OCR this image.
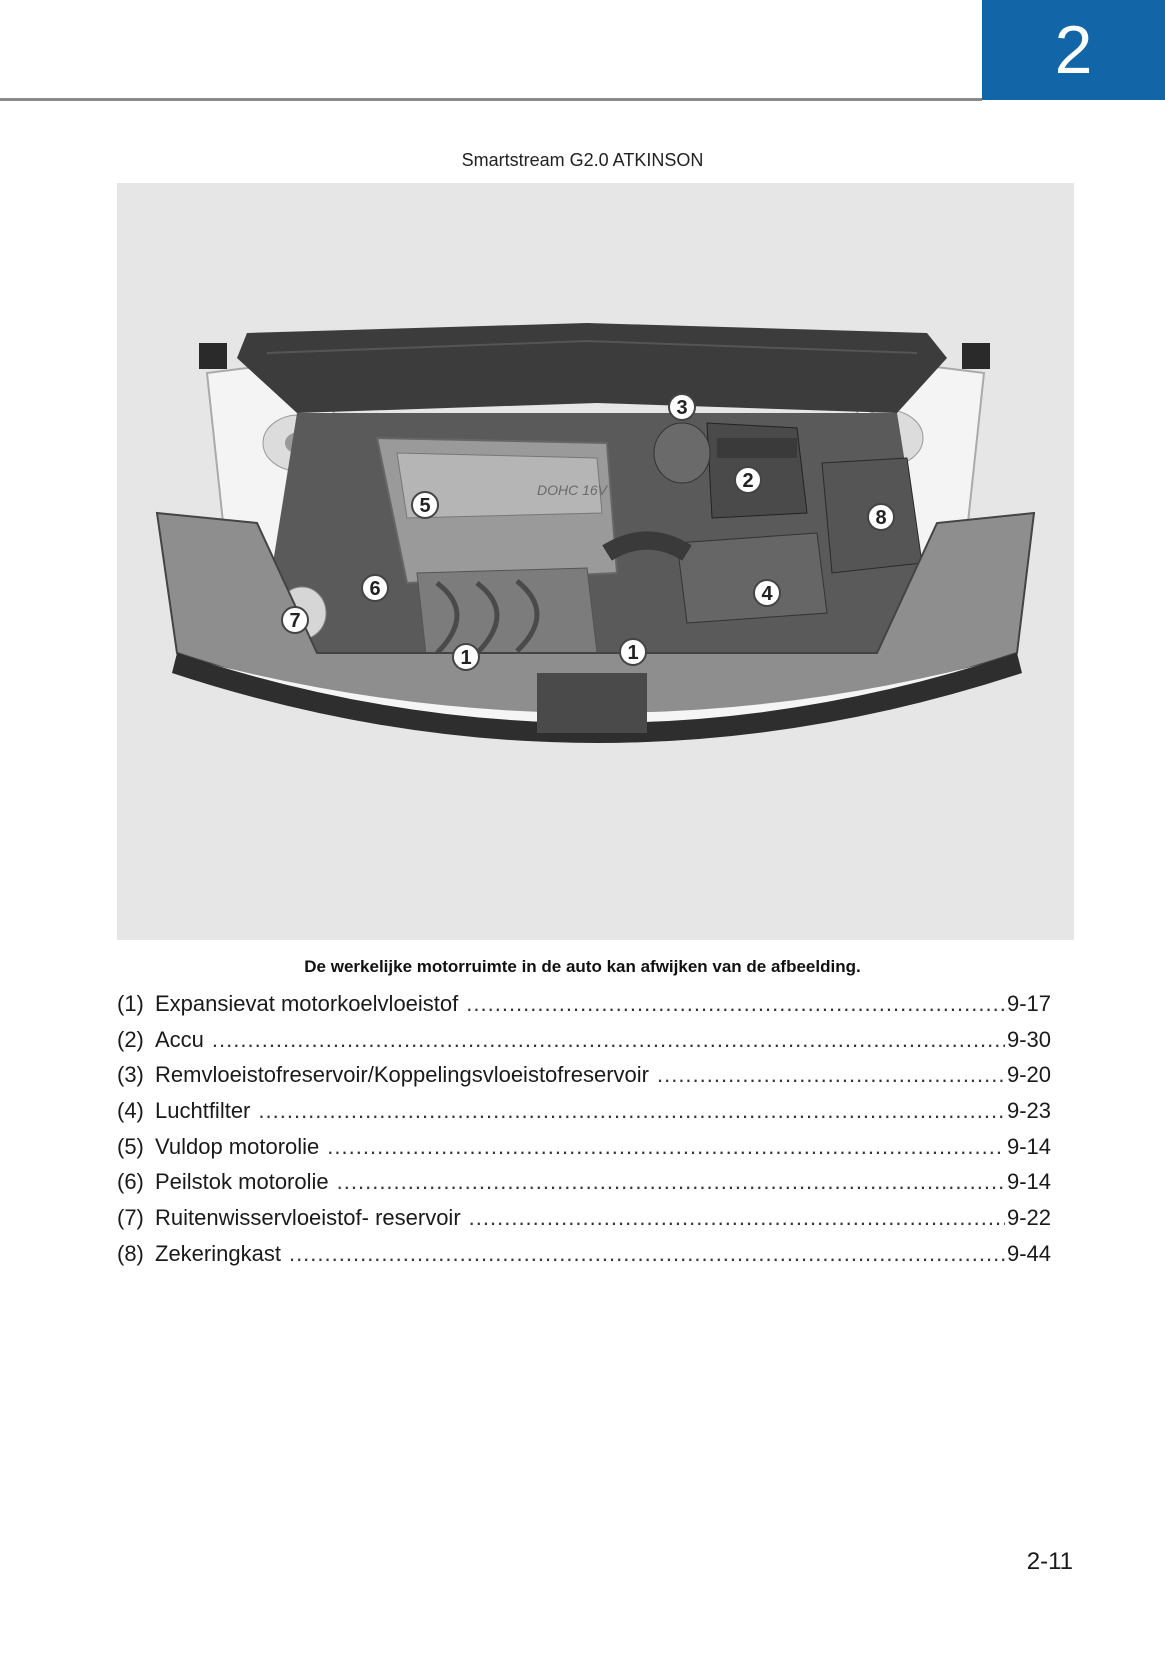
2
Smartstream G2.0 ATKINSON
DOHC 16V
1	1
2
3
4
5
6
7
8
De werkelijke motorruimte in de auto kan afwijken van de afbeelding.
(1) Expansievat motorkoelvloeistof .....	9-17
(2) Accu .....	9-30
(3) Remvloeistofreservoir/Koppelingsvloeistofreservoir .....	9-20
(4) Luchtfilter .....	9-23
(5) Vuldop motorolie .....	9-14
(6) Peilstok motorolie .....	9-14
(7) Ruitenwisservloeistof- reservoir .....	9-22
(8) Zekeringkast .....	9-44
2-11
